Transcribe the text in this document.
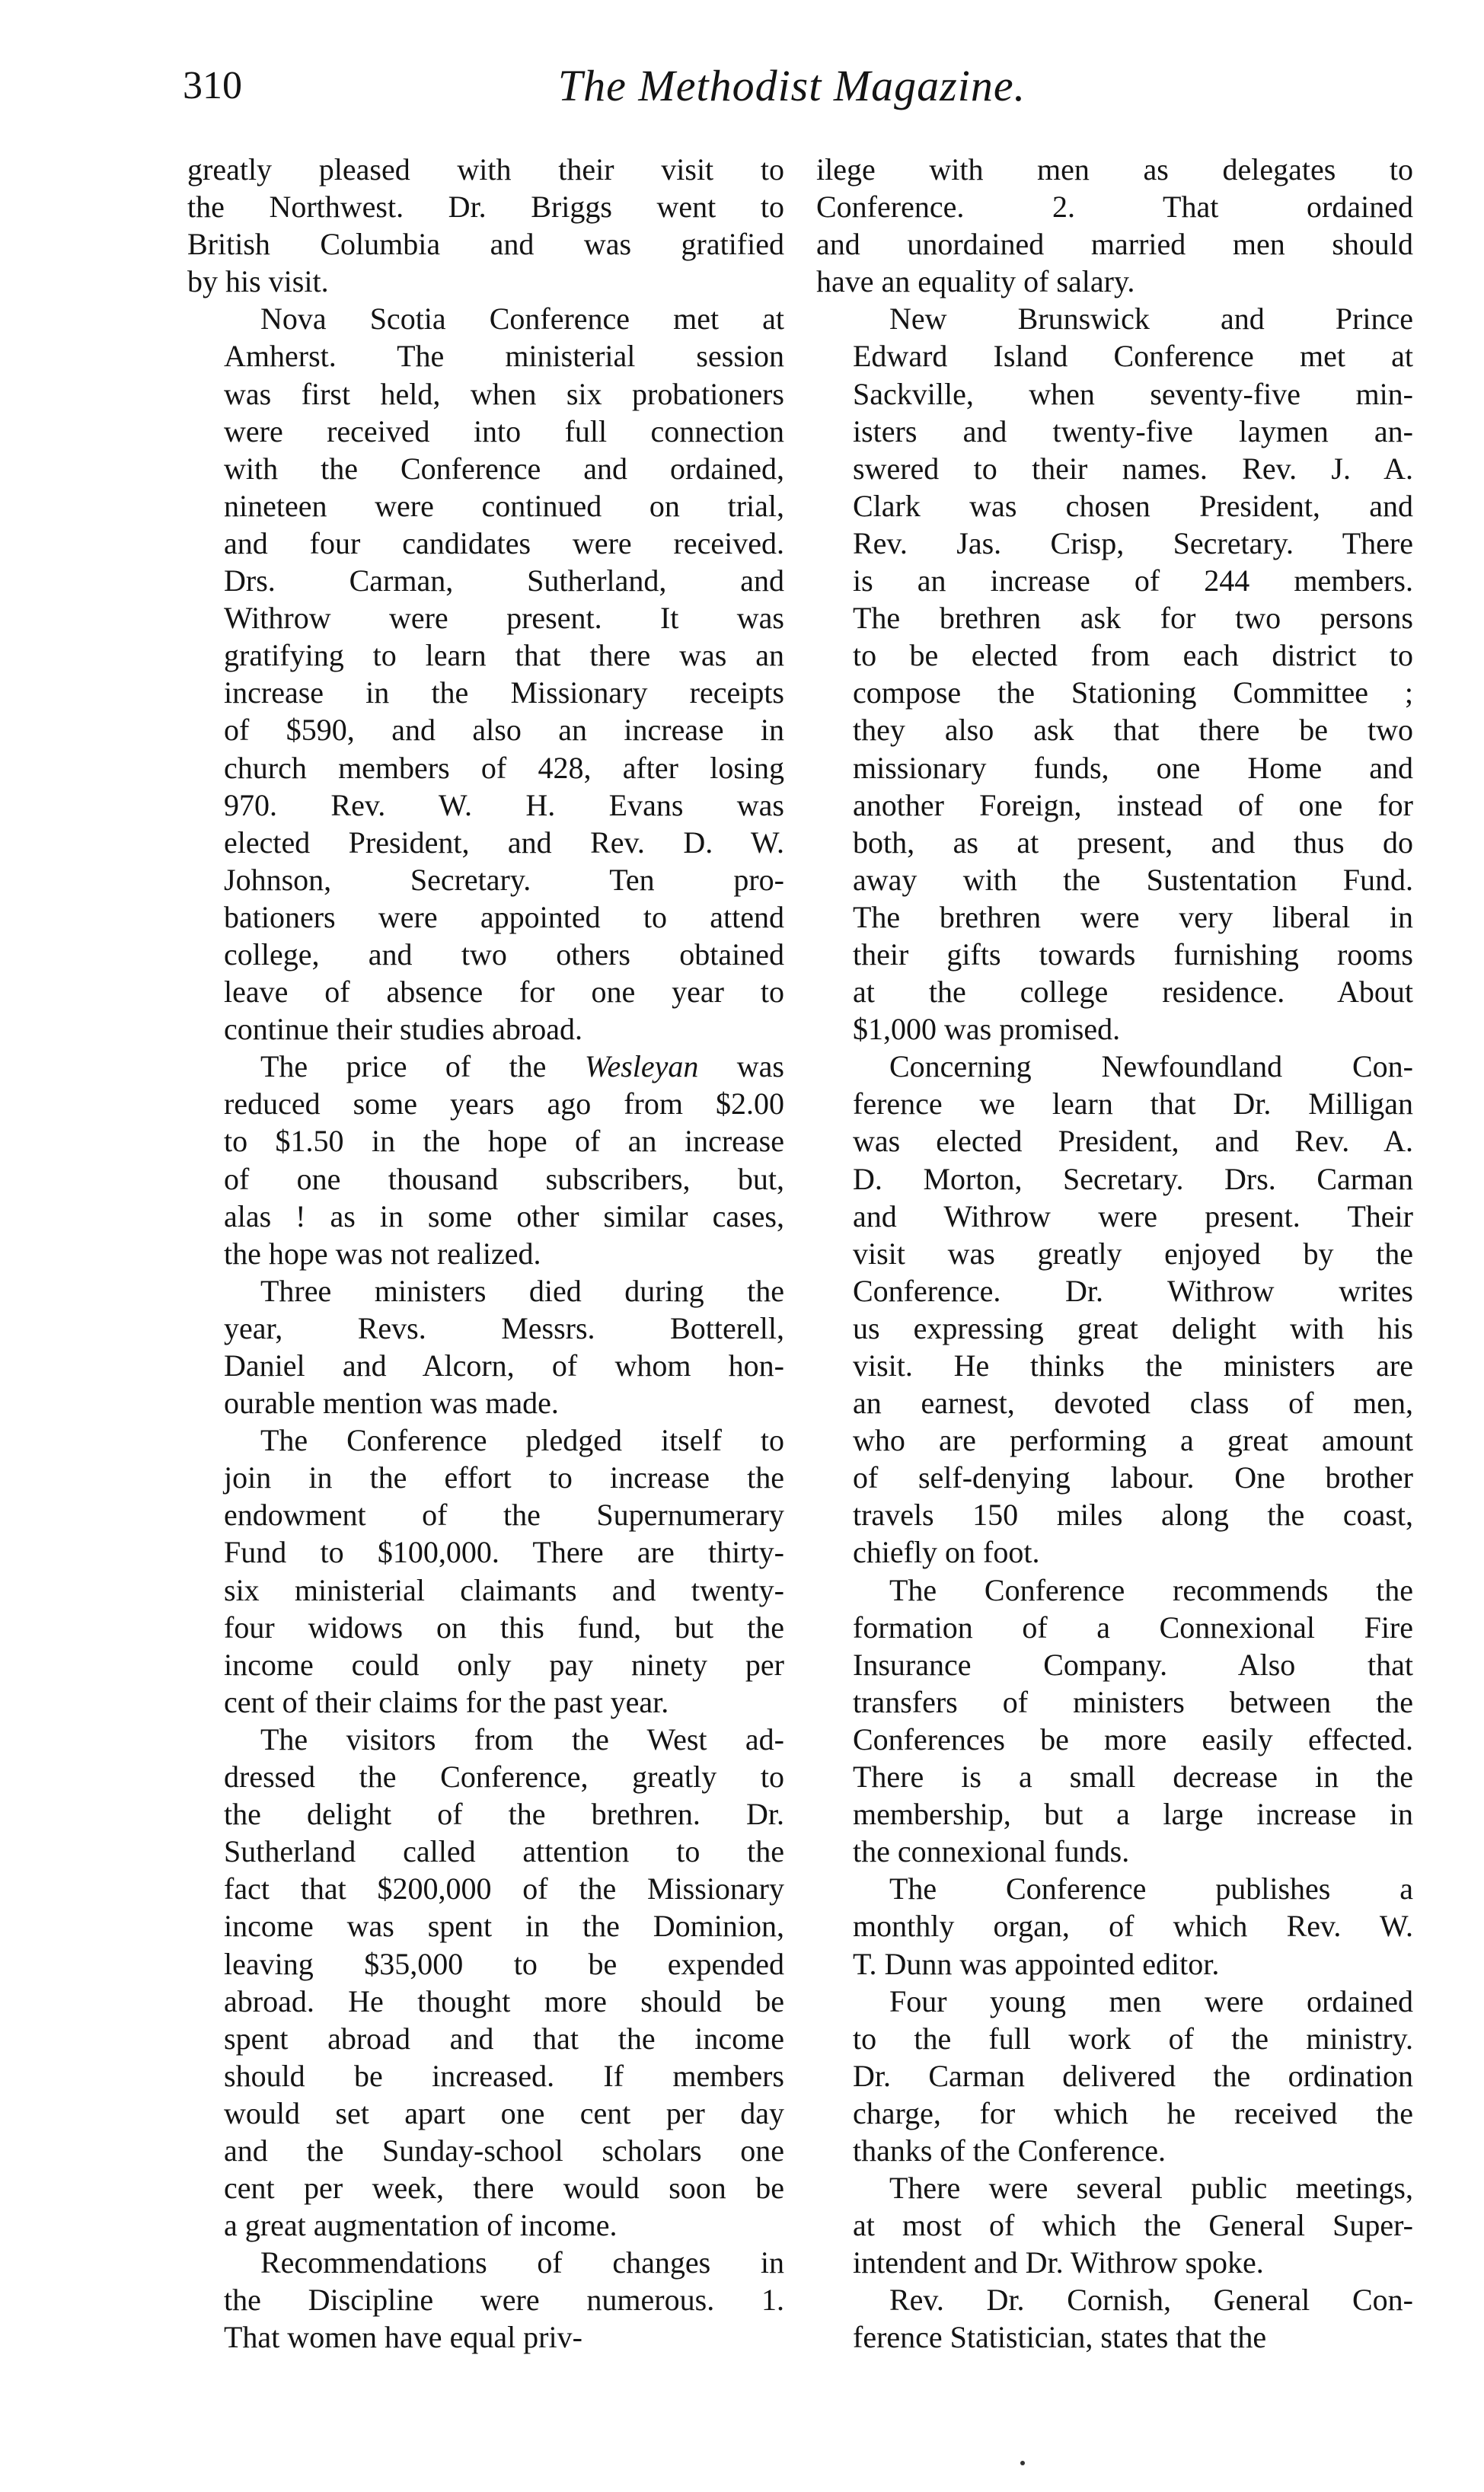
310	The Methodist Magazine.
greatly pleased with their visit to
the Northwest. Dr. Briggs went to
British Columbia and was gratified
by his visit.
Nova Scotia Conference met at
Amherst. The ministerial session
was first held, when six probationers
were received into full connection
with the Conference and ordained,
nineteen were continued on trial,
and four candidates were received.
Drs. Carman, Sutherland, and
Withrow were present. It was
gratifying to learn that there was an
increase in the Missionary receipts
of $590, and also an increase in
church members of 428, after losing
970. Rev. W. H. Evans was
elected President, and Rev. D. W.
Johnson, Secretary. Ten pro-
bationers were appointed to attend
college, and two others obtained
leave of absence for one year to
continue their studies abroad.
The price of the Wesleyan was
reduced some years ago from $2.00
to $1.50 in the hope of an increase
of one thousand subscribers, but,
alas ! as in some other similar cases,
the hope was not realized.
Three ministers died during the
year, Revs. Messrs. Botterell,
Daniel and Alcorn, of whom hon-
ourable mention was made.
The Conference pledged itself to
join in the effort to increase the
endowment of the Supernumerary
Fund to $100,000. There are thirty-
six ministerial claimants and twenty-
four widows on this fund, but the
income could only pay ninety per
cent of their claims for the past year.
The visitors from the West ad-
dressed the Conference, greatly to
the delight of the brethren. Dr.
Sutherland called attention to the
fact that $200,000 of the Missionary
income was spent in the Dominion,
leaving $35,000 to be expended
abroad. He thought more should be
spent abroad and that the income
should be increased. If members
would set apart one cent per day
and the Sunday-school scholars one
cent per week, there would soon be
a great augmentation of income.
Recommendations of changes in
the Discipline were numerous. 1.
That women have equal priv-
ilege with men as delegates to
Conference. 2. That ordained
and unordained married men should
have an equality of salary.
New Brunswick and Prince
Edward Island Conference met at
Sackville, when seventy-five min-
isters and twenty-five laymen an-
swered to their names. Rev. J. A.
Clark was chosen President, and
Rev. Jas. Crisp, Secretary. There
is an increase of 244 members.
The brethren ask for two persons
to be elected from each district to
compose the Stationing Committee ;
they also ask that there be two
missionary funds, one Home and
another Foreign, instead of one for
both, as at present, and thus do
away with the Sustentation Fund.
The brethren were very liberal in
their gifts towards furnishing rooms
at the college residence. About
$1,000 was promised.
Concerning Newfoundland Con-
ference we learn that Dr. Milligan
was elected President, and Rev. A.
D. Morton, Secretary. Drs. Carman
and Withrow were present. Their
visit was greatly enjoyed by the
Conference. Dr. Withrow writes
us expressing great delight with his
visit. He thinks the ministers are
an earnest, devoted class of men,
who are performing a great amount
of self-denying labour. One brother
travels 150 miles along the coast,
chiefly on foot.
The Conference recommends the
formation of a Connexional Fire
Insurance Company. Also that
transfers of ministers between the
Conferences be more easily effected.
There is a small decrease in the
membership, but a large increase in
the connexional funds.
The Conference publishes a
monthly organ, of which Rev. W.
T. Dunn was appointed editor.
Four young men were ordained
to the full work of the ministry.
Dr. Carman delivered the ordination
charge, for which he received the
thanks of the Conference.
There were several public meetings,
at most of which the General Super-
intendent and Dr. Withrow spoke.
Rev. Dr. Cornish, General Con-
ference Statistician, states that the
